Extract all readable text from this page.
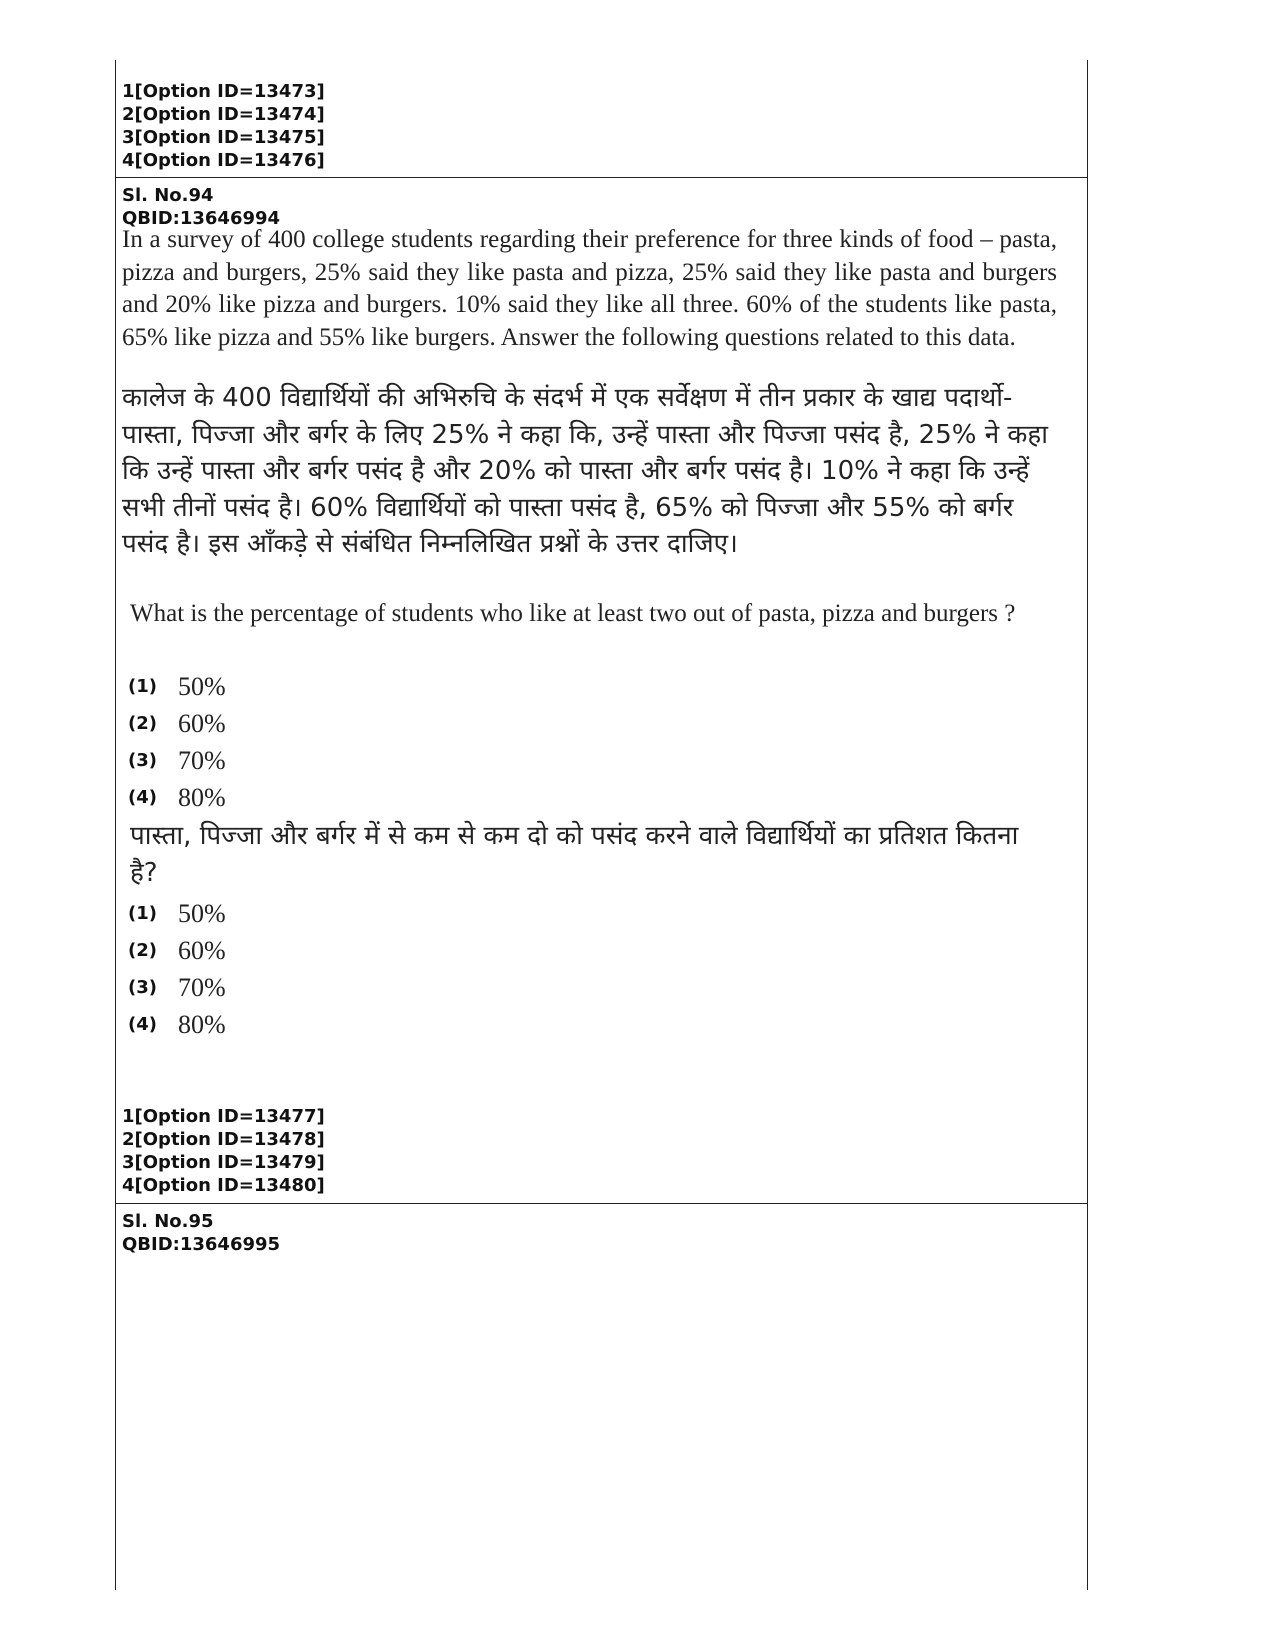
1[Option ID=13473]
2[Option ID=13474]
3[Option ID=13475]
4[Option ID=13476]
Sl. No.94
QBID:13646994
In a survey of 400 college students regarding their preference for three kinds of food – pasta, pizza and burgers, 25% said they like pasta and pizza, 25% said they like pasta and burgers and 20% like pizza and burgers. 10% said they like all three. 60% of the students like pasta, 65% like pizza and 55% like burgers. Answer the following questions related to this data.
कालेज के 400 विद्यार्थियों की अभिरुचि के संदर्भ में एक सर्वेक्षण में तीन प्रकार के खाद्य पदार्थो-पास्ता, पिज्जा और बर्गर के लिए 25% ने कहा कि, उन्हें पास्ता और पिज्जा पसंद है, 25% ने कहा कि उन्हें पास्ता और बर्गर पसंद है और 20% को पास्ता और बर्गर पसंद है। 10% ने कहा कि उन्हें सभी तीनों पसंद है। 60% विद्यार्थियों को पास्ता पसंद है, 65% को पिज्जा और 55% को बर्गर पसंद है। इस आँकड़े से संबंधित निम्नलिखित प्रश्नों के उत्तर दाजिए।
What is the percentage of students who like at least two out of pasta, pizza and burgers ?
(1) 50%
(2) 60%
(3) 70%
(4) 80%
पास्ता, पिज्जा और बर्गर में से कम से कम दो को पसंद करने वाले विद्यार्थियों का प्रतिशत कितना है?
(1) 50%
(2) 60%
(3) 70%
(4) 80%
1[Option ID=13477]
2[Option ID=13478]
3[Option ID=13479]
4[Option ID=13480]
Sl. No.95
QBID:13646995
